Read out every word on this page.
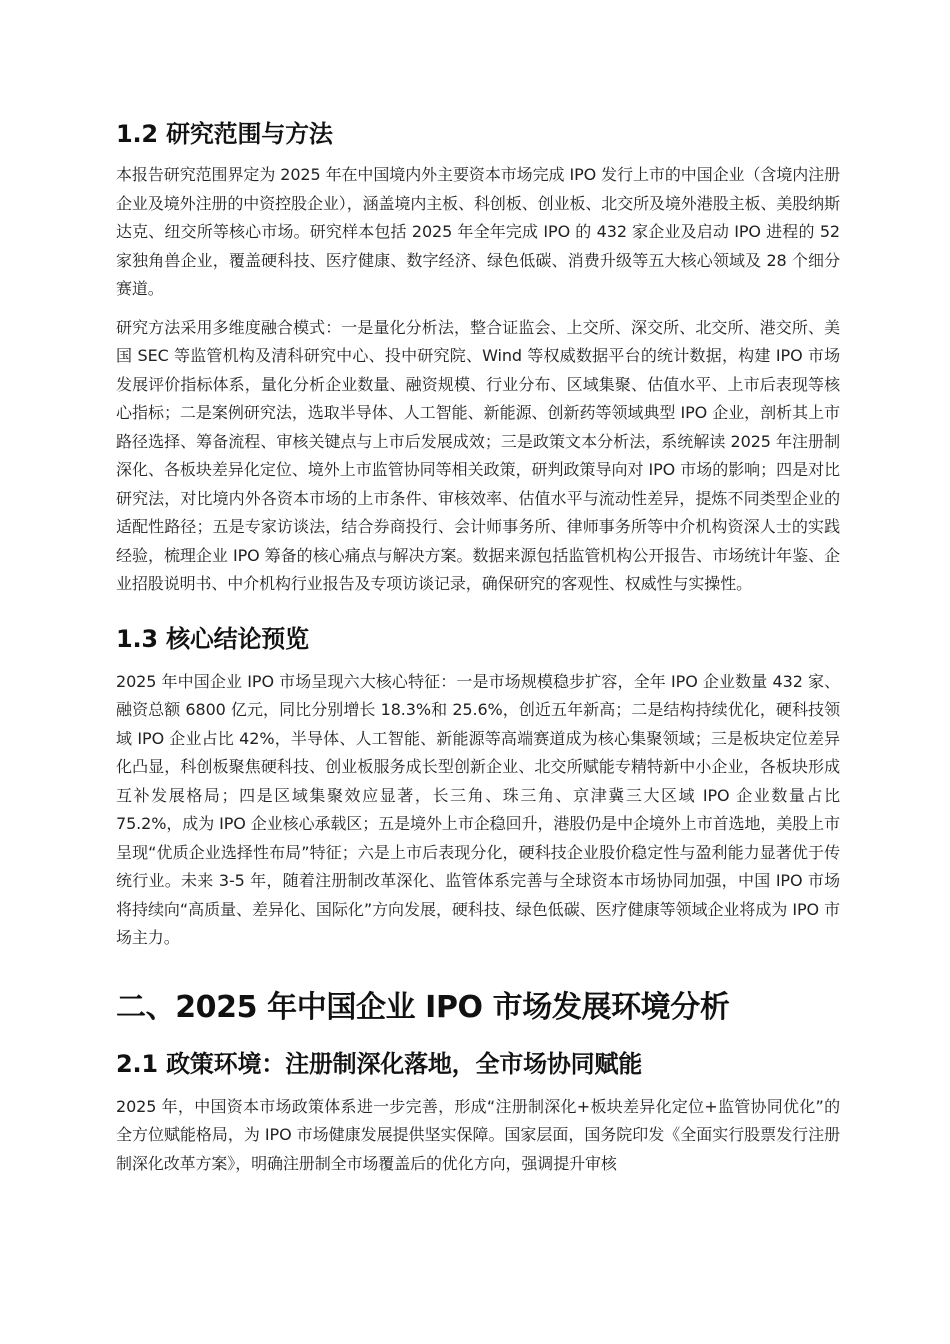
1.2 研究范围与方法

本报告研究范围界定为 2025 年在中国境内外主要资本市场完成 IPO 发行上市的中国企业（含境内注册企业及境外注册的中资控股企业），涵盖境内主板、科创板、创业板、北交所及境外港股主板、美股纳斯达克、纽交所等核心市场。研究样本包括 2025 年全年完成 IPO 的 432 家企业及启动 IPO 进程的 52 家独角兽企业，覆盖硬科技、医疗健康、数字经济、绿色低碳、消费升级等五大核心领域及 28 个细分赛道。

研究方法采用多维度融合模式：一是量化分析法，整合证监会、上交所、深交所、北交所、港交所、美国 SEC 等监管机构及清科研究中心、投中研究院、Wind 等权威数据平台的统计数据，构建 IPO 市场发展评价指标体系，量化分析企业数量、融资规模、行业分布、区域集聚、估值水平、上市后表现等核心指标；二是案例研究法，选取半导体、人工智能、新能源、创新药等领域典型 IPO 企业，剖析其上市路径选择、筹备流程、审核关键点与上市后发展成效；三是政策文本分析法，系统解读 2025 年注册制深化、各板块差异化定位、境外上市监管协同等相关政策，研判政策导向对 IPO 市场的影响；四是对比研究法，对比境内外各资本市场的上市条件、审核效率、估值水平与流动性差异，提炼不同类型企业的适配性路径；五是专家访谈法，结合券商投行、会计师事务所、律师事务所等中介机构资深人士的实践经验，梳理企业 IPO 筹备的核心痛点与解决方案。数据来源包括监管机构公开报告、市场统计年鉴、企业招股说明书、中介机构行业报告及专项访谈记录，确保研究的客观性、权威性与实操性。

1.3 核心结论预览

2025 年中国企业 IPO 市场呈现六大核心特征：一是市场规模稳步扩容，全年 IPO 企业数量 432 家、融资总额 6800 亿元，同比分别增长 18.3%和 25.6%，创近五年新高；二是结构持续优化，硬科技领域 IPO 企业占比 42%，半导体、人工智能、新能源等高端赛道成为核心集聚领域；三是板块定位差异化凸显，科创板聚焦硬科技、创业板服务成长型创新企业、北交所赋能专精特新中小企业，各板块形成互补发展格局；四是区域集聚效应显著，长三角、珠三角、京津冀三大区域 IPO 企业数量占比 75.2%，成为 IPO 企业核心承载区；五是境外上市企稳回升，港股仍是中企境外上市首选地，美股上市呈现“优质企业选择性布局”特征；六是上市后表现分化，硬科技企业股价稳定性与盈利能力显著优于传统行业。未来 3-5 年，随着注册制改革深化、监管体系完善与全球资本市场协同加强，中国 IPO 市场将持续向“高质量、差异化、国际化”方向发展，硬科技、绿色低碳、医疗健康等领域企业将成为 IPO 市场主力。

二、2025 年中国企业 IPO 市场发展环境分析
2.1 政策环境：注册制深化落地，全市场协同赋能

2025 年，中国资本市场政策体系进一步完善，形成“注册制深化+板块差异化定位+监管协同优化”的全方位赋能格局，为 IPO 市场健康发展提供坚实保障。国家层面，国务院印发《全面实行股票发行注册制深化改革方案》，明确注册制全市场覆盖后的优化方向，强调提升审核
